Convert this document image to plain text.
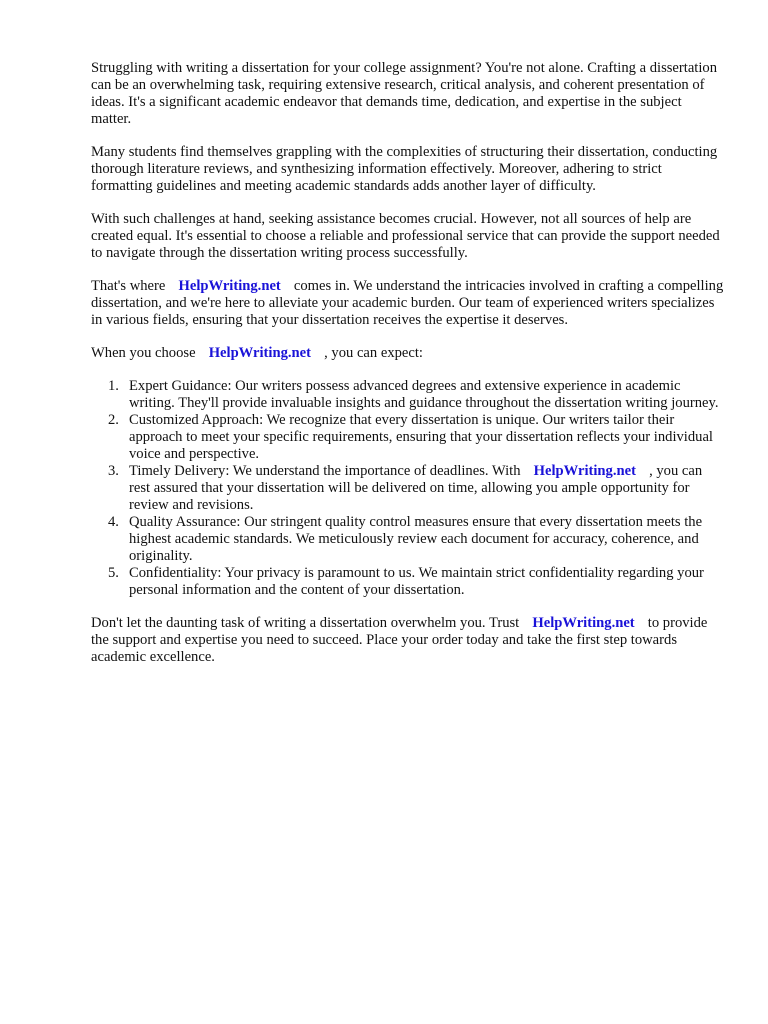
Struggling with writing a dissertation for your college assignment? You're not alone. Crafting a dissertation can be an overwhelming task, requiring extensive research, critical analysis, and coherent presentation of ideas. It's a significant academic endeavor that demands time, dedication, and expertise in the subject matter.

Many students find themselves grappling with the complexities of structuring their dissertation, conducting thorough literature reviews, and synthesizing information effectively. Moreover, adhering to strict formatting guidelines and meeting academic standards adds another layer of difficulty.

With such challenges at hand, seeking assistance becomes crucial. However, not all sources of help are created equal. It's essential to choose a reliable and professional service that can provide the support needed to navigate through the dissertation writing process successfully.

That's where HelpWriting.net comes in. We understand the intricacies involved in crafting a compelling dissertation, and we're here to alleviate your academic burden. Our team of experienced writers specializes in various fields, ensuring that your dissertation receives the expertise it deserves.

When you choose HelpWriting.net , you can expect:

1. Expert Guidance: Our writers possess advanced degrees and extensive experience in academic writing. They'll provide invaluable insights and guidance throughout the dissertation writing journey.
2. Customized Approach: We recognize that every dissertation is unique. Our writers tailor their approach to meet your specific requirements, ensuring that your dissertation reflects your individual voice and perspective.
3. Timely Delivery: We understand the importance of deadlines. With HelpWriting.net , you can rest assured that your dissertation will be delivered on time, allowing you ample opportunity for review and revisions.
4. Quality Assurance: Our stringent quality control measures ensure that every dissertation meets the highest academic standards. We meticulously review each document for accuracy, coherence, and originality.
5. Confidentiality: Your privacy is paramount to us. We maintain strict confidentiality regarding your personal information and the content of your dissertation.

Don't let the daunting task of writing a dissertation overwhelm you. Trust HelpWriting.net to provide the support and expertise you need to succeed. Place your order today and take the first step towards academic excellence.
